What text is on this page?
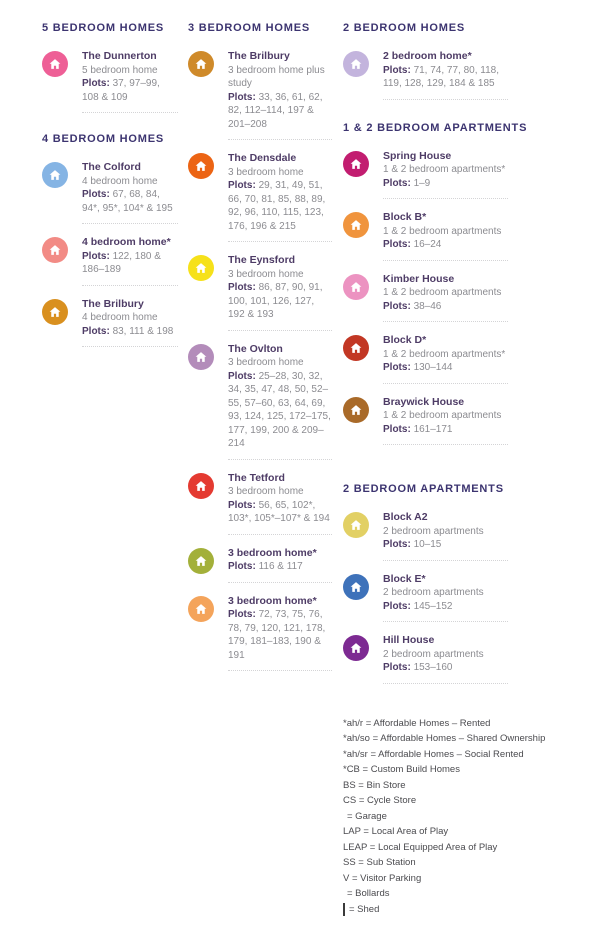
5 BEDROOM HOMES
The Dunnerton
5 bedroom home
Plots: 37, 97–99, 108 & 109
4 BEDROOM HOMES
The Colford
4 bedroom home
Plots: 67, 68, 84, 94*, 95*, 104* & 195
4 bedroom home*
Plots: 122, 180 & 186–189
The Brilbury
4 bedroom home
Plots: 83, 111 & 198
3 BEDROOM HOMES
The Brilbury
3 bedroom home plus study
Plots: 33, 36, 61, 62, 82, 112–114, 197 & 201–208
The Densdale
3 bedroom home
Plots: 29, 31, 49, 51, 66, 70, 81, 85, 88, 89, 92, 96, 110, 115, 123, 176, 196 & 215
The Eynsford
3 bedroom home
Plots: 86, 87, 90, 91, 100, 101, 126, 127, 192 & 193
The Ovlton
3 bedroom home
Plots: 25–28, 30, 32, 34, 35, 47, 48, 50, 52–55, 57–60, 63, 64, 69, 93, 124, 125, 172–175, 177, 199, 200 & 209–214
The Tetford
3 bedroom home
Plots: 56, 65, 102*, 103*, 105*–107* & 194
3 bedroom home*
Plots: 116 & 117
3 bedroom home*
Plots: 72, 73, 75, 76, 78, 79, 120, 121, 178, 179, 181–183, 190 & 191
2 BEDROOM HOMES
2 bedroom home*
Plots: 71, 74, 77, 80, 118, 119, 128, 129, 184 & 185
1 & 2 BEDROOM APARTMENTS
Spring House
1 & 2 bedroom apartments*
Plots: 1–9
Block B*
1 & 2 bedroom apartments
Plots: 16–24
Kimber House
1 & 2 bedroom apartments
Plots: 38–46
Block D*
1 & 2 bedroom apartments*
Plots: 130–144
Braywick House
1 & 2 bedroom apartments
Plots: 161–171
2 BEDROOM APARTMENTS
Block A2
2 bedroom apartments
Plots: 10–15
Block E*
2 bedroom apartments
Plots: 145–152
Hill House
2 bedroom apartments
Plots: 153–160
*ah/r = Affordable Homes – Rented
*ah/so = Affordable Homes – Shared Ownership
*ah/sr = Affordable Homes – Social Rented
*CB = Custom Build Homes
BS = Bin Store
CS = Cycle Store
= Garage
LAP = Local Area of Play
LEAP = Local Equipped Area of Play
SS = Sub Station
V = Visitor Parking
= Bollards
= Shed
